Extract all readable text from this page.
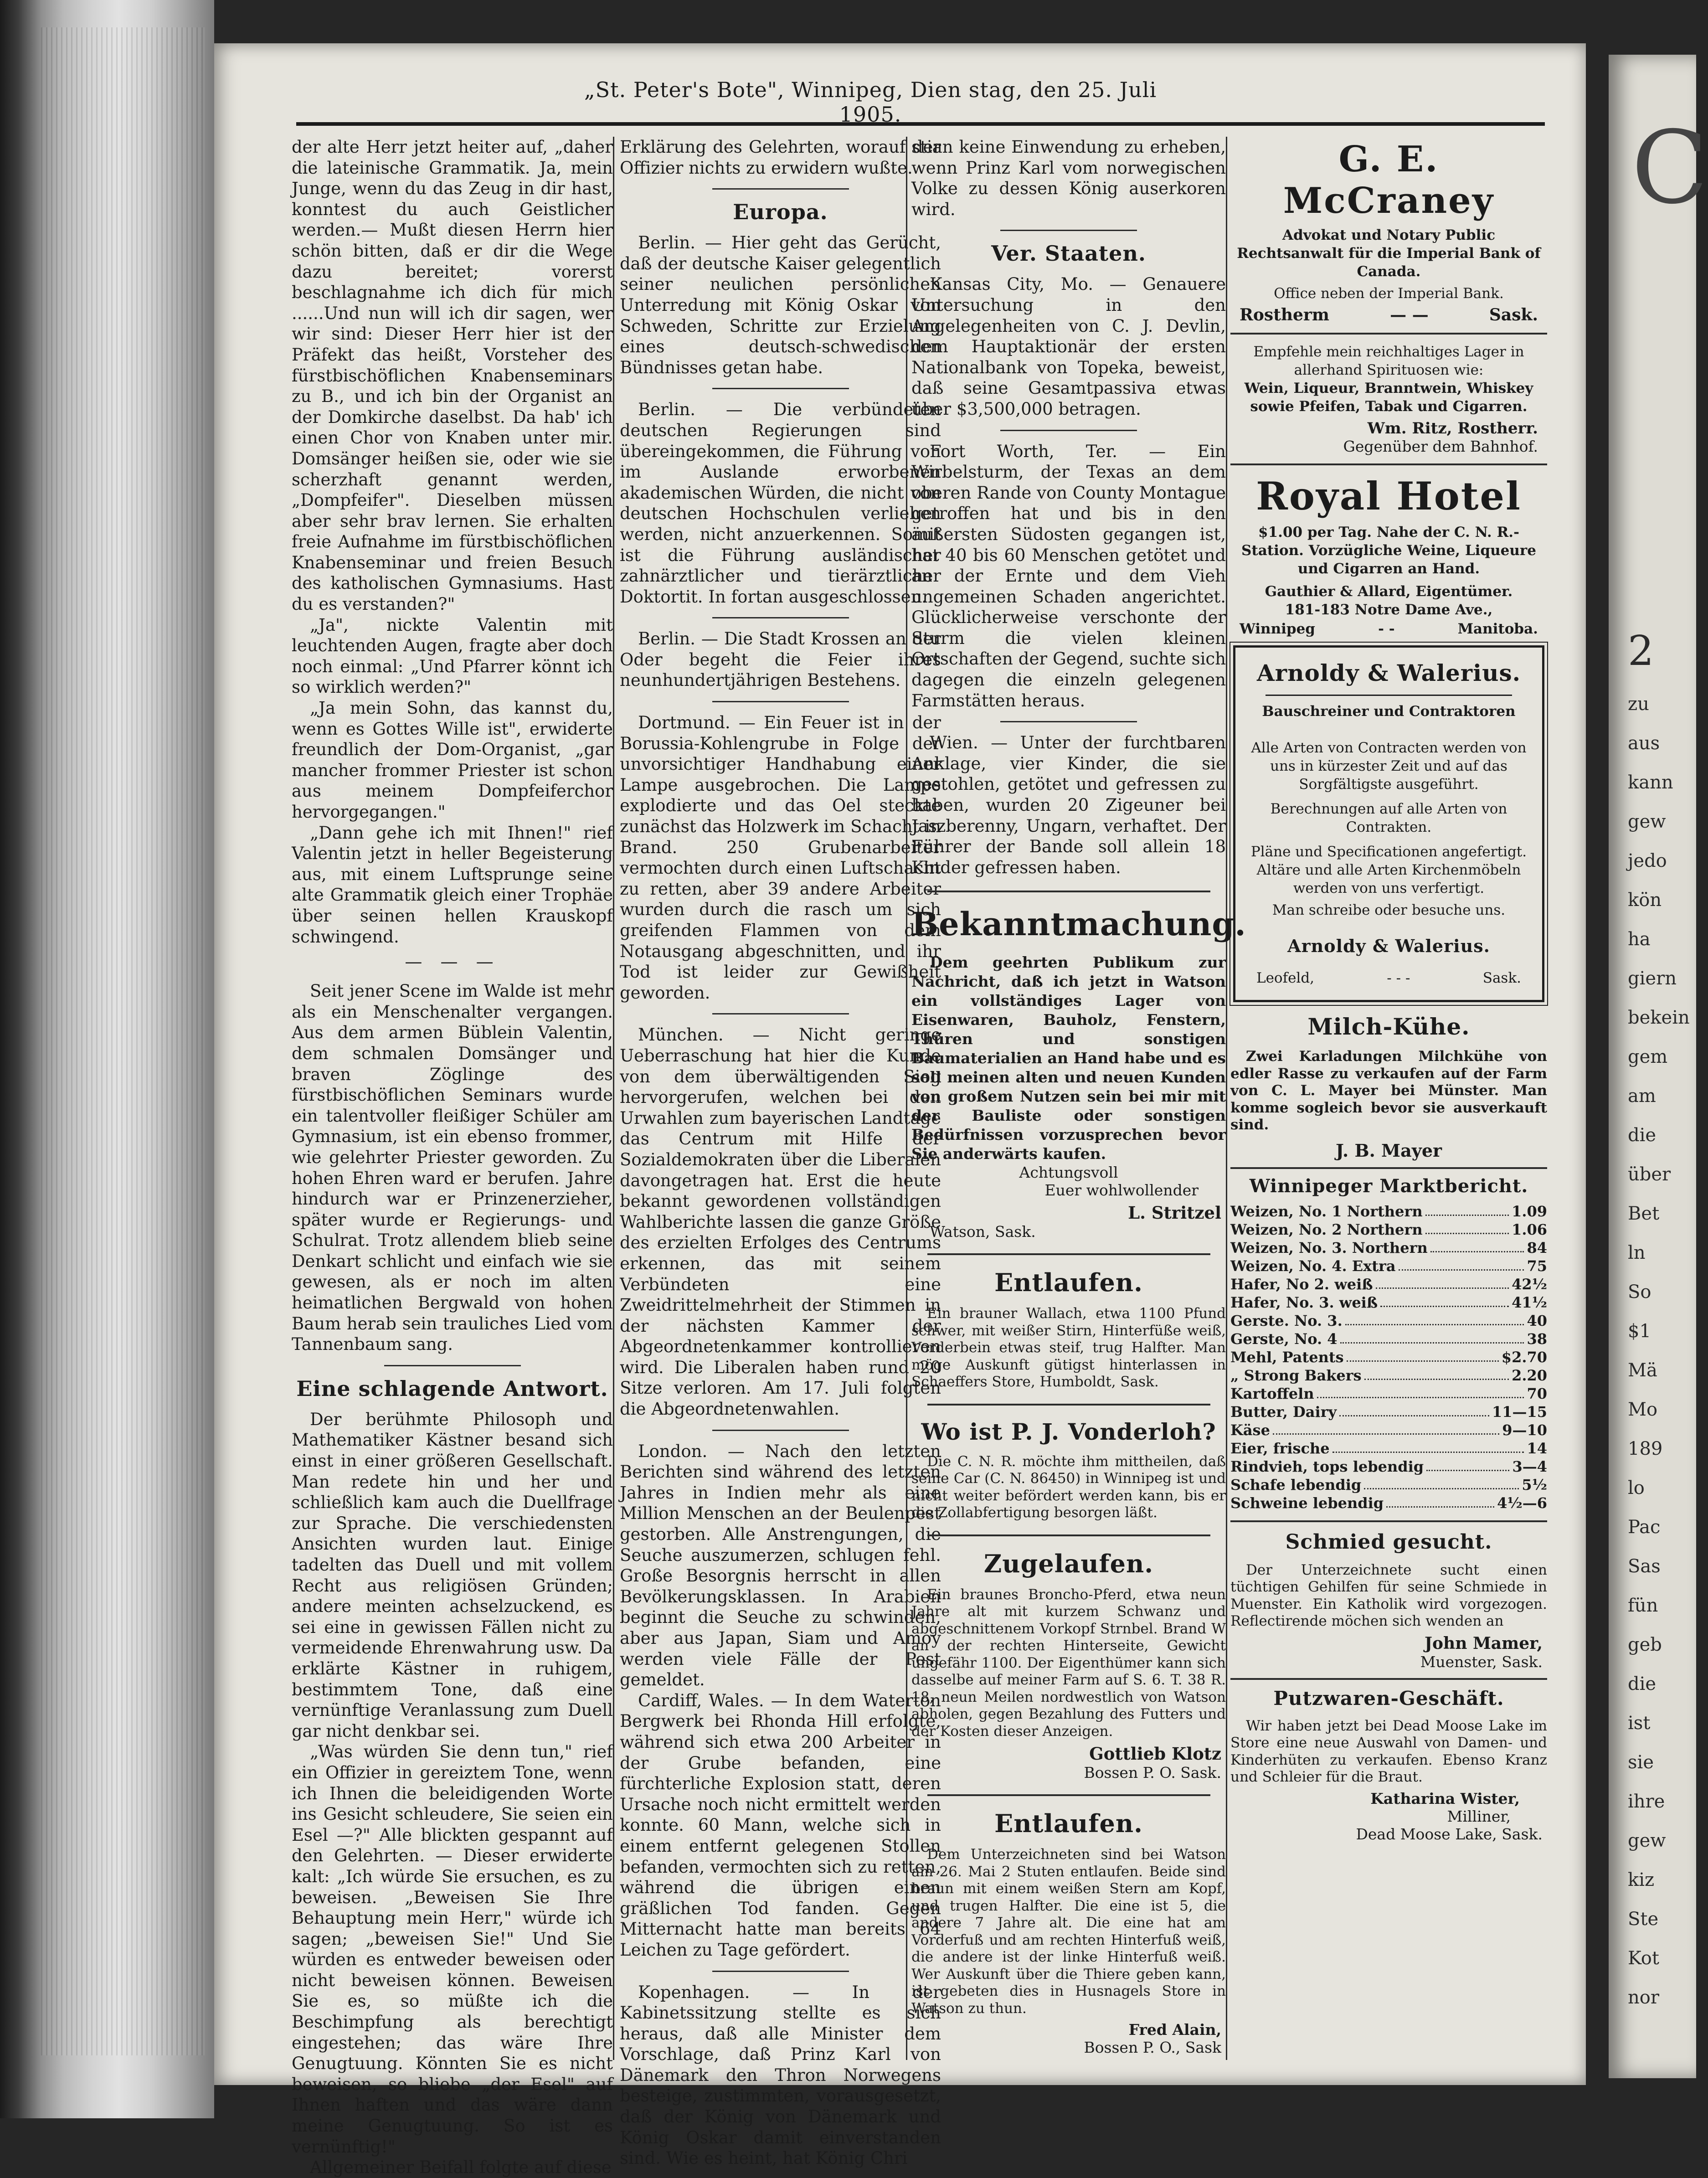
C
2
zu
aus
kann
gew
jedo
kön
ha
giern
bekein
gem
am
die
über
Bet
ln
So
$1
Mä
Mo
189
lo
Pac
Sas
fün
geb
die
ist
sie
ihre
gew
kiz
Ste
Kot
nor
„St. Peter's Bote", Winnipeg, Dien stag, den 25. Juli 1905.

der alte Herr jetzt heiter auf, „daher die lateinische Grammatik. Ja, mein Junge, wenn du das Zeug in dir hast, konntest du auch Geistlicher werden.— Mußt diesen Herrn hier schön bitten, daß er dir die Wege dazu bereitet; vorerst beschlagnahme ich dich für mich ......Und nun will ich dir sagen, wer wir sind: Dieser Herr hier ist der Präfekt das heißt, Vorsteher des fürstbischöflichen Knabenseminars zu B., und ich bin der Organist an der Domkirche daselbst. Da hab' ich einen Chor von Knaben unter mir. Domsänger heißen sie, oder wie sie scherzhaft genannt werden, „Dompfeifer". Dieselben müssen aber sehr brav lernen. Sie erhalten freie Aufnahme im fürstbischöflichen Knabenseminar und freien Besuch des katholischen Gymnasiums. Hast du es verstanden?"

„Ja", nickte Valentin mit leuchtenden Augen, fragte aber doch noch einmal: „Und Pfarrer könnt ich so wirklich werden?"

„Ja mein Sohn, das kannst du, wenn es Gottes Wille ist", erwiderte freundlich der Dom-Organist, „gar mancher frommer Priester ist schon aus meinem Dompfeiferchor hervorgegangen."

„Dann gehe ich mit Ihnen!" rief Valentin jetzt in heller Begeisterung aus, mit einem Luftsprunge seine alte Grammatik gleich einer Trophäe über seinen hellen Krauskopf schwingend.

— — —

Seit jener Scene im Walde ist mehr als ein Menschenalter vergangen. Aus dem armen Büblein Valentin, dem schmalen Domsänger und braven Zöglinge des fürstbischöflichen Seminars wurde ein talentvoller fleißiger Schüler am Gymnasium, ist ein ebenso frommer, wie gelehrter Priester geworden. Zu hohen Ehren ward er berufen. Jahre hindurch war er Prinzenerzieher, später wurde er Regierungs- und Schulrat. Trotz allendem blieb seine Denkart schlicht und einfach wie sie gewesen, als er noch im alten heimatlichen Bergwald von hohen Baum herab sein trauliches Lied vom Tannenbaum sang.

Eine schlagende Antwort.

Der berühmte Philosoph und Mathematiker Kästner besand sich einst in einer größeren Gesellschaft. Man redete hin und her und schließlich kam auch die Duellfrage zur Sprache. Die verschiedensten Ansichten wurden laut. Einige tadelten das Duell und mit vollem Recht aus religiösen Gründen; andere meinten achselzuckend, es sei eine in gewissen Fällen nicht zu vermeidende Ehrenwahrung usw. Da erklärte Kästner in ruhigem, bestimmtem Tone, daß eine vernünftige Veranlassung zum Duell gar nicht denkbar sei.

„Was würden Sie denn tun," rief ein Offizier in gereiztem Tone, wenn ich Ihnen die beleidigenden Worte ins Gesicht schleudere, Sie seien ein Esel —?" Alle blickten gespannt auf den Gelehrten. — Dieser erwiderte kalt: „Ich würde Sie ersuchen, es zu beweisen. „Beweisen Sie Ihre Behauptung mein Herr," würde ich sagen; „beweisen Sie!" Und Sie würden es entweder beweisen oder nicht beweisen können. Beweisen Sie es, so müßte ich die Beschimpfung als berechtigt eingestehen; das wäre Ihre Genugtuung. Könnten Sie es nicht beweisen, so bliebe „der Esel" auf Ihnen haften und das wäre dann meine Genugtuung. So ist es vernünftig!"

Allgemeiner Beifall folgte auf diese

Erklärung des Gelehrten, worauf der Offizier nichts zu erwidern wußte.

Europa.

Berlin. — Hier geht das Gerücht, daß der deutsche Kaiser gelegentlich seiner neulichen persönlichen Unterredung mit König Oskar von Schweden, Schritte zur Erzielung eines deutsch-schwedischen Bündnisses getan habe.

Berlin. — Die verbündeten deutschen Regierungen sind übereingekommen, die Führung von im Auslande erworbenen akademischen Würden, die nicht von deutschen Hochschulen verliehen werden, nicht anzuerkennen. Somit ist die Führung ausländischer zahnärztlicher und tierärztlicher Doktortit. In fortan ausgeschlossen.

Berlin. — Die Stadt Krossen an der Oder begeht die Feier ihres neunhundertjährigen Bestehens.

Dortmund. — Ein Feuer ist in der Borussia-Kohlengrube in Folge der unvorsichtiger Handhabung einer Lampe ausgebrochen. Die Lampe explodierte und das Oel steckte zunächst das Holzwerk im Schacht in Brand. 250 Grubenarbeiter vermochten durch einen Luftschacht zu retten, aber 39 andere Arbeiter wurden durch die rasch um sich greifenden Flammen von dem Notausgang abgeschnitten, und ihr Tod ist leider zur Gewißheit geworden.

München. — Nicht geringe Ueberraschung hat hier die Kunde von dem überwältigenden Sieg hervorgerufen, welchen bei den Urwahlen zum bayerischen Landtage das Centrum mit Hilfe der Sozialdemokraten über die Liberalen davongetragen hat. Erst die heute bekannt gewordenen vollständigen Wahlberichte lassen die ganze Größe des erzielten Erfolges des Centrums erkennen, das mit seinem Verbündeten eine Zweidrittelmehrheit der Stimmen in der nächsten Kammer der Abgeordnetenkammer kontrollieren wird. Die Liberalen haben rund 20 Sitze verloren. Am 17. Juli folgten die Abgeordnetenwahlen.

London. — Nach den letzten Berichten sind während des letzten Jahres in Indien mehr als eine Million Menschen an der Beulenpest gestorben. Alle Anstrengungen, die Seuche auszumerzen, schlugen fehl. Große Besorgnis herrscht in allen Bevölkerungsklassen. In Arabien beginnt die Seuche zu schwinden, aber aus Japan, Siam und Amoy werden viele Fälle der Pest gemeldet.

Cardiff, Wales. — In dem Waterton Bergwerk bei Rhonda Hill erfolgte, während sich etwa 200 Arbeiter in der Grube befanden, eine fürchterliche Explosion statt, deren Ursache noch nicht ermittelt werden konnte. 60 Mann, welche sich in einem entfernt gelegenen Stollen befanden, vermochten sich zu retten, während die übrigen einen gräßlichen Tod fanden. Gegen Mitternacht hatte man bereits 64 Leichen zu Tage gefördert.

Kopenhagen. — In der Kabinetssitzung stellte es sich heraus, daß alle Minister dem Vorschlage, daß Prinz Karl von Dänemark den Thron Norwegens besteige, zustimmten, vorausgesetzt, daß der König von Dänemark und König Oskar damit einverstanden sind. Wie es heint, hat König Chri

stian keine Einwendung zu erheben, wenn Prinz Karl vom norwegischen Volke zu dessen König auserkoren wird.

Ver. Staaten.

Kansas City, Mo. — Genauere Untersuchung in den Angelegenheiten von C. J. Devlin, dem Hauptaktionär der ersten Nationalbank von Topeka, beweist, daß seine Gesamtpassiva etwas über $3,500,000 betragen.

Fort Worth, Ter. — Ein Wirbelsturm, der Texas an dem oberen Rande von County Montague getroffen hat und bis in den äußersten Südosten gegangen ist, hat 40 bis 60 Menschen getötet und an der Ernte und dem Vieh ungemeinen Schaden angerichtet. Glücklicherweise verschonte der Sturm die vielen kleinen Ortschaften der Gegend, suchte sich dagegen die einzeln gelegenen Farmstätten heraus.

Wien. — Unter der furchtbaren Anklage, vier Kinder, die sie gestohlen, getötet und gefressen zu haben, wurden 20 Zigeuner bei Jaszberenny, Ungarn, verhaftet. Der Führer der Bande soll allein 18 Kinder gefressen haben.

Bekanntmachung.

Dem geehrten Publikum zur Nachricht, daß ich jetzt in Watson ein vollständiges Lager von Eisenwaren, Bauholz, Fenstern, Thüren und sonstigen Baumaterialien an Hand habe und es soll meinen alten und neuen Kunden von großem Nutzen sein bei mir mit der Bauliste oder sonstigen Bedürfnissen vorzusprechen bevor Sie anderwärts kaufen.

Achtungsvoll
Euer wohlwollender
L. Stritzel
Watson, Sask.
Entlaufen.

Ein brauner Wallach, etwa 1100 Pfund schwer, mit weißer Stirn, Hinterfüße weiß, Vorderbein etwas steif, trug Halfter. Man möge Auskunft gütigst hinterlassen in Schaeffers Store, Humboldt, Sask.

Wo ist P. J. Vonderloh?

Die C. N. R. möchte ihm mittheilen, daß seine Car (C. N. 86450) in Winnipeg ist und nicht weiter befördert werden kann, bis er die Zollabfertigung besorgen läßt.

Zugelaufen.

Ein braunes Broncho-Pferd, etwa neun Jahre alt mit kurzem Schwanz und abgeschnittenem Vorkopf Strnbel. Brand W an der rechten Hinterseite, Gewicht ungefähr 1100. Der Eigenthümer kann sich dasselbe auf meiner Farm auf S. 6. T. 38 R. 18, neun Meilen nordwestlich von Watson abholen, gegen Bezahlung des Futters und der Kosten dieser Anzeigen.

Gottlieb Klotz
Bossen P. O. Sask.
Entlaufen.

Dem Unterzeichneten sind bei Watson am 26. Mai 2 Stuten entlaufen. Beide sind braun mit einem weißen Stern am Kopf, und trugen Halfter. Die eine ist 5, die andere 7 Jahre alt. Die eine hat am Vorderfuß und am rechten Hinterfuß weiß, die andere ist der linke Hinterfuß weiß. Wer Auskunft über die Thiere geben kann, ist gebeten dies in Husnagels Store in Watson zu thun.

Fred Alain,
Bossen P. O., Sask
G. E. McCraney

Advokat und Notary Public

Rechtsanwalt für die Imperial Bank of Canada.

Office neben der Imperial Bank.

Rostherm	— —	Sask.

Empfehle mein reichhaltiges Lager in allerhand Spirituosen wie:

Wein, Liqueur, Branntwein, Whiskey sowie Pfeifen, Tabak und Cigarren.

Wm. Ritz, Rostherr.
Gegenüber dem Bahnhof.
Royal Hotel

$1.00 per Tag. Nahe der C. N. R.-Station. Vorzügliche Weine, Liqueure und Cigarren an Hand.

Gauthier & Allard, Eigentümer.

181-183 Notre Dame Ave.,

Winnipeg	- -	Manitoba.
Arnoldy & Walerius.

Bauschreiner und Contraktoren

Alle Arten von Contracten werden von uns in kürzester Zeit und auf das Sorgfältigste ausgeführt.

Berechnungen auf alle Arten von Contrakten.

Pläne und Specificationen angefertigt. Altäre und alle Arten Kirchenmöbeln werden von uns verfertigt.

Man schreibe oder besuche uns.

Arnoldy & Walerius.
Leofeld,	- - -	Sask.
Milch-Kühe.

Zwei Karladungen Milchkühe von edler Rasse zu verkaufen auf der Farm von C. L. Mayer bei Münster. Man komme sogleich bevor sie ausverkauft sind.

J. B. Mayer
Winnipeger Marktbericht.
Weizen, No. 1 Northern	1.09
Weizen, No. 2 Northern	1.06
Weizen, No. 3. Northern	84
Weizen, No. 4. Extra	75
Hafer, No 2. weiß	42½
Hafer, No. 3. weiß	41½
Gerste. No. 3.	40
Gerste, No. 4	38
Mehl, Patents	$2.70
„ Strong Bakers	2.20
Kartoffeln	70
Butter, Dairy	11—15
Käse	9—10
Eier, frische	14
Rindvieh, tops lebendig	3—4
Schafe lebendig	5½
Schweine lebendig	4½—6
Schmied gesucht.

Der Unterzeichnete sucht einen tüchtigen Gehilfen für seine Schmiede in Muenster. Ein Katholik wird vorgezogen. Reflectirende möchen sich wenden an

John Mamer,
Muenster, Sask.
Putzwaren-Geschäft.

Wir haben jetzt bei Dead Moose Lake im Store eine neue Auswahl von Damen- und Kinderhüten zu verkaufen. Ebenso Kranz und Schleier für die Braut.

Katharina Wister,
Milliner,
Dead Moose Lake, Sask.
